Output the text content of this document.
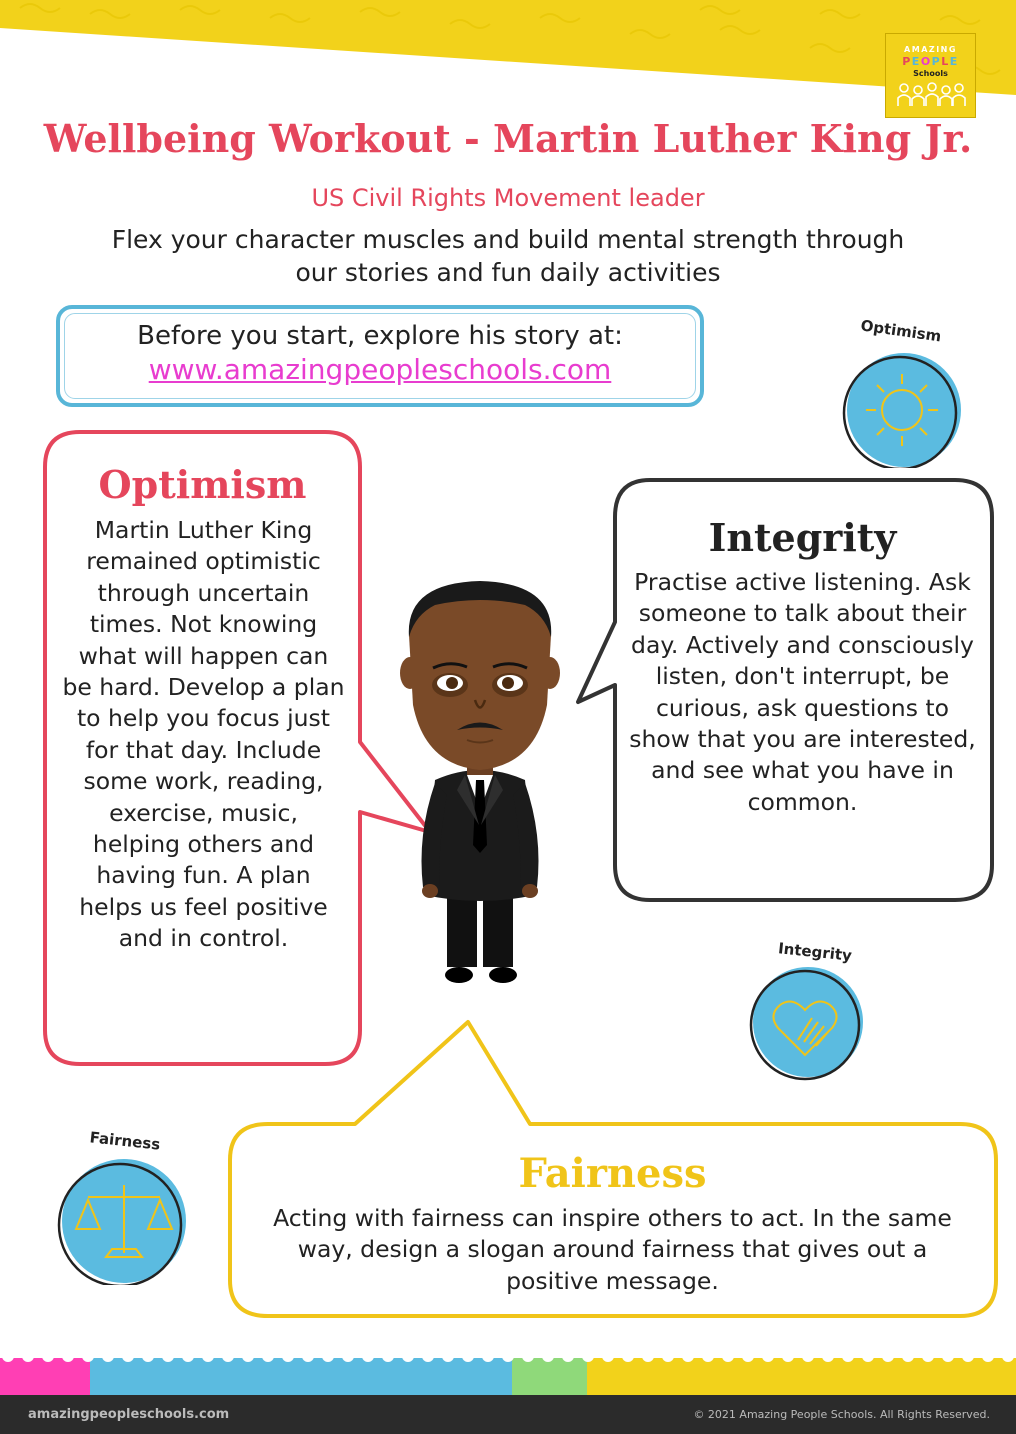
AMAZING
PEOPLE
Schools
Wellbeing Workout - Martin Luther King Jr.
US Civil Rights Movement leader
Flex your character muscles and build mental strength through our stories and fun daily activities
Before you start, explore his story at:
www.amazingpeopleschools.com
Optimism
Martin Luther King remained optimistic through uncertain times. Not knowing what will happen can be hard. Develop a plan to help you focus just for that day. Include some work, reading, exercise, music, helping others and having fun. A plan helps us feel positive and in control.
Integrity
Practise active listening. Ask someone to talk about their day. Actively and consciously listen, don't interrupt, be curious, ask questions to show that you are interested, and see what you have in common.
Fairness
Acting with fairness can inspire others to act. In the same way, design a slogan around fairness that gives out a positive message.
Optimism
Integrity
Fairness
amazingpeopleschools.com	© 2021 Amazing People Schools. All Rights Reserved.
